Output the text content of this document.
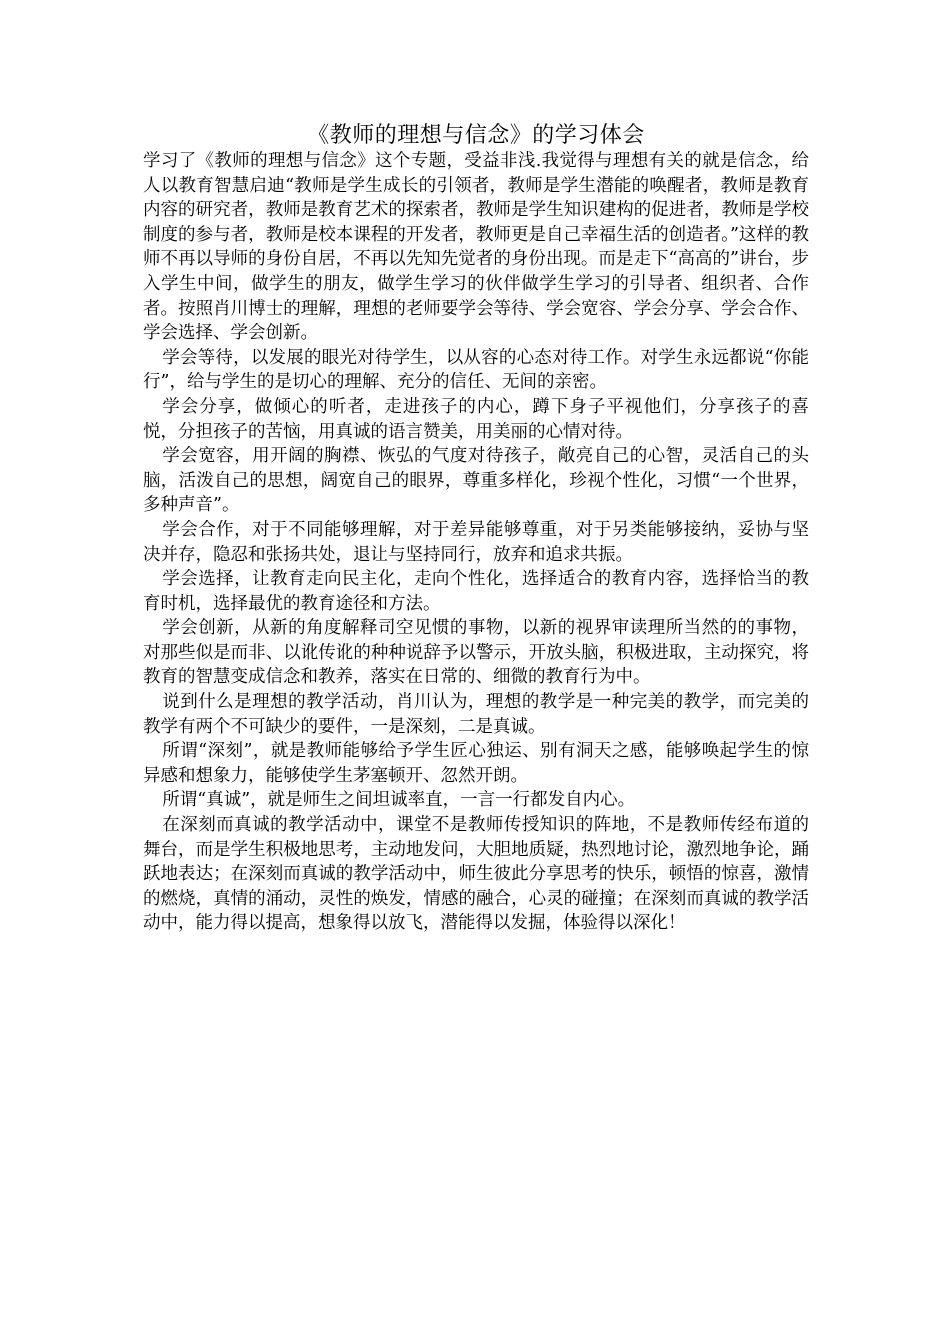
《教师的理想与信念》的学习体会

学习了《教师的理想与信念》这个专题，受益非浅.我觉得与理想有关的就是信念，给人以教育智慧启迪“教师是学生成长的引领者，教师是学生潜能的唤醒者，教师是教育内容的研究者，教师是教育艺术的探索者，教师是学生知识建构的促进者，教师是学校制度的参与者，教师是校本课程的开发者，教师更是自己幸福生活的创造者。”这样的教师不再以导师的身份自居，不再以先知先觉者的身份出现。而是走下“高高的”讲台，步入学生中间，做学生的朋友，做学生学习的伙伴做学生学习的引导者、组织者、合作者。按照肖川博士的理解，理想的老师要学会等待、学会宽容、学会分享、学会合作、学会选择、学会创新。

学会等待，以发展的眼光对待学生，以从容的心态对待工作。对学生永远都说“你能行”，给与学生的是切心的理解、充分的信任、无间的亲密。

学会分享，做倾心的听者，走进孩子的内心，蹲下身子平视他们，分享孩子的喜悦，分担孩子的苦恼，用真诚的语言赞美，用美丽的心情对待。

学会宽容，用开阔的胸襟、恢弘的气度对待孩子，敞亮自己的心智，灵活自己的头脑，活泼自己的思想，阔宽自己的眼界，尊重多样化，珍视个性化，习惯“一个世界，多种声音”。

学会合作，对于不同能够理解，对于差异能够尊重，对于另类能够接纳，妥协与坚决并存，隐忍和张扬共处，退让与坚持同行，放弃和追求共振。

学会选择，让教育走向民主化，走向个性化，选择适合的教育内容，选择恰当的教育时机，选择最优的教育途径和方法。

学会创新，从新的角度解释司空见惯的事物，以新的视界审读理所当然的的事物，对那些似是而非、以讹传讹的种种说辞予以警示，开放头脑，积极进取，主动探究，将教育的智慧变成信念和教养，落实在日常的、细微的教育行为中。

说到什么是理想的教学活动，肖川认为，理想的教学是一种完美的教学，而完美的教学有两个不可缺少的要件，一是深刻，二是真诚。

所谓“深刻”，就是教师能够给予学生匠心独运、别有洞天之感，能够唤起学生的惊异感和想象力，能够使学生茅塞顿开、忽然开朗。

所谓“真诚”，就是师生之间坦诚率直，一言一行都发自内心。

在深刻而真诚的教学活动中，课堂不是教师传授知识的阵地，不是教师传经布道的舞台，而是学生积极地思考，主动地发问，大胆地质疑，热烈地讨论，激烈地争论，踊跃地表达；在深刻而真诚的教学活动中，师生彼此分享思考的快乐，顿悟的惊喜，激情的燃烧，真情的涌动，灵性的焕发，情感的融合，心灵的碰撞；在深刻而真诚的教学活动中，能力得以提高，想象得以放飞，潜能得以发掘，体验得以深化！
